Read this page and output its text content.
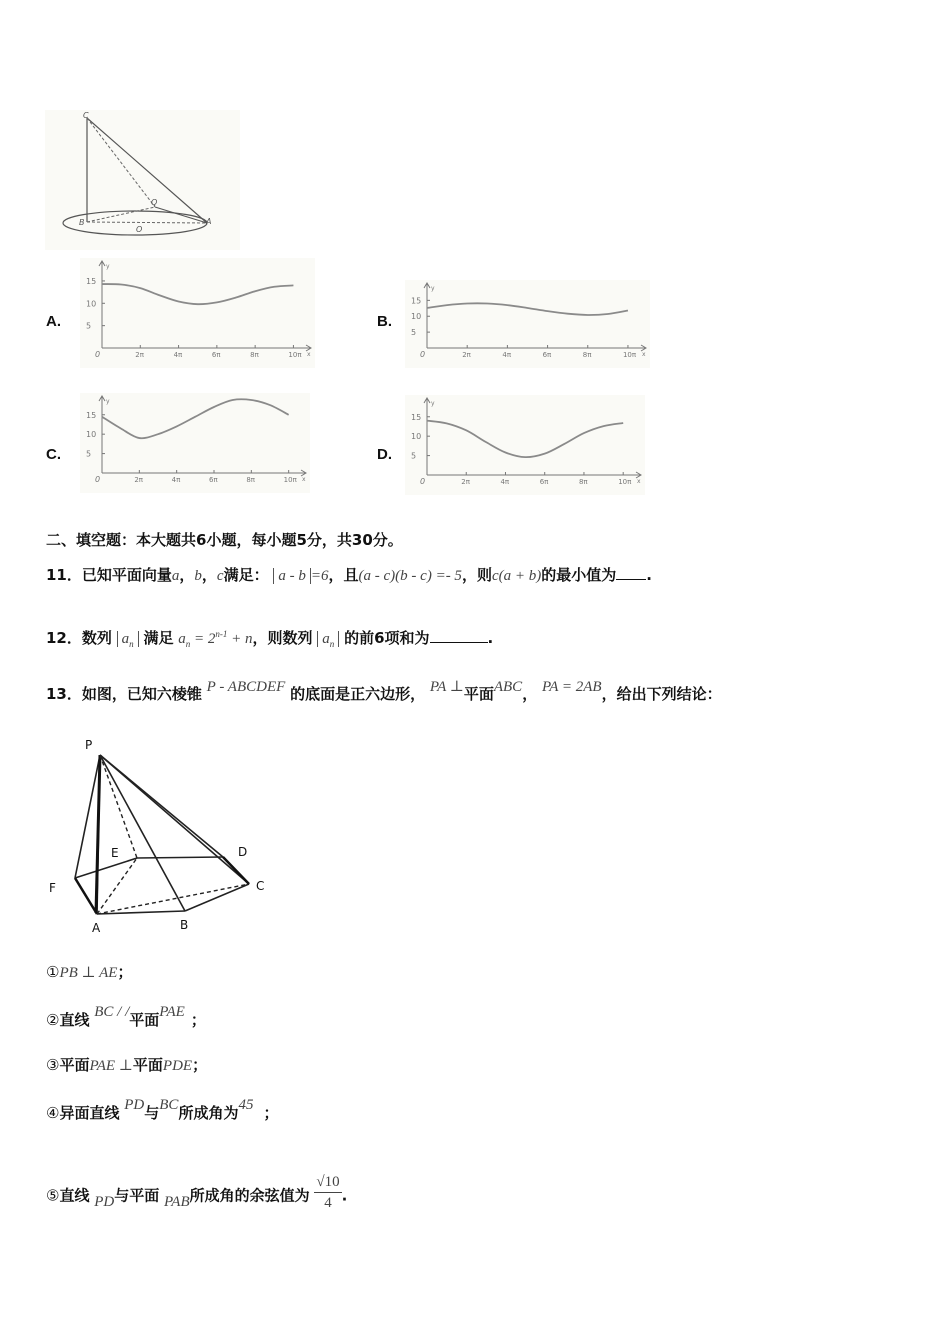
C
B
O
Q
A
A.	B.
C.	D.
y
x
0
15
10
5
2π	4π	6π	8π	10π
y
x
0
15
10
5
2π	4π	6π	8π	10π
y
x
0
15
10
5
2π	4π	6π	8π	10π
y
x
0
15
10
5
2π	4π	6π	8π	10π
二、填空题：本大题共6小题，每小题5分，共30分。
11．已知平面向量a，b，c满足： a - b =6，且(a - c)(b - c) =- 5，则c(a + b)的最小值为 .
12．数列 $a_n$ 满足 $a_n = 2^{n-1} + n$，则数列 $a_n$ 的前6项和为	.
13．如图，已知六棱锥 P - ABCDEF 的底面是正六边形， PA ⊥平面ABC， PA = 2AB，给出下列结论：
P
E	D
F	C
A	B
①PB ⊥ AE；
②直线 BC / /平面PAE ；
③平面PAE ⊥平面PDE；
④异面直线 PD与BC所成角为45 ；
⑤直线 PD与平面 PAB所成角的余弦值为 $\frac{√10}{4}$ .
